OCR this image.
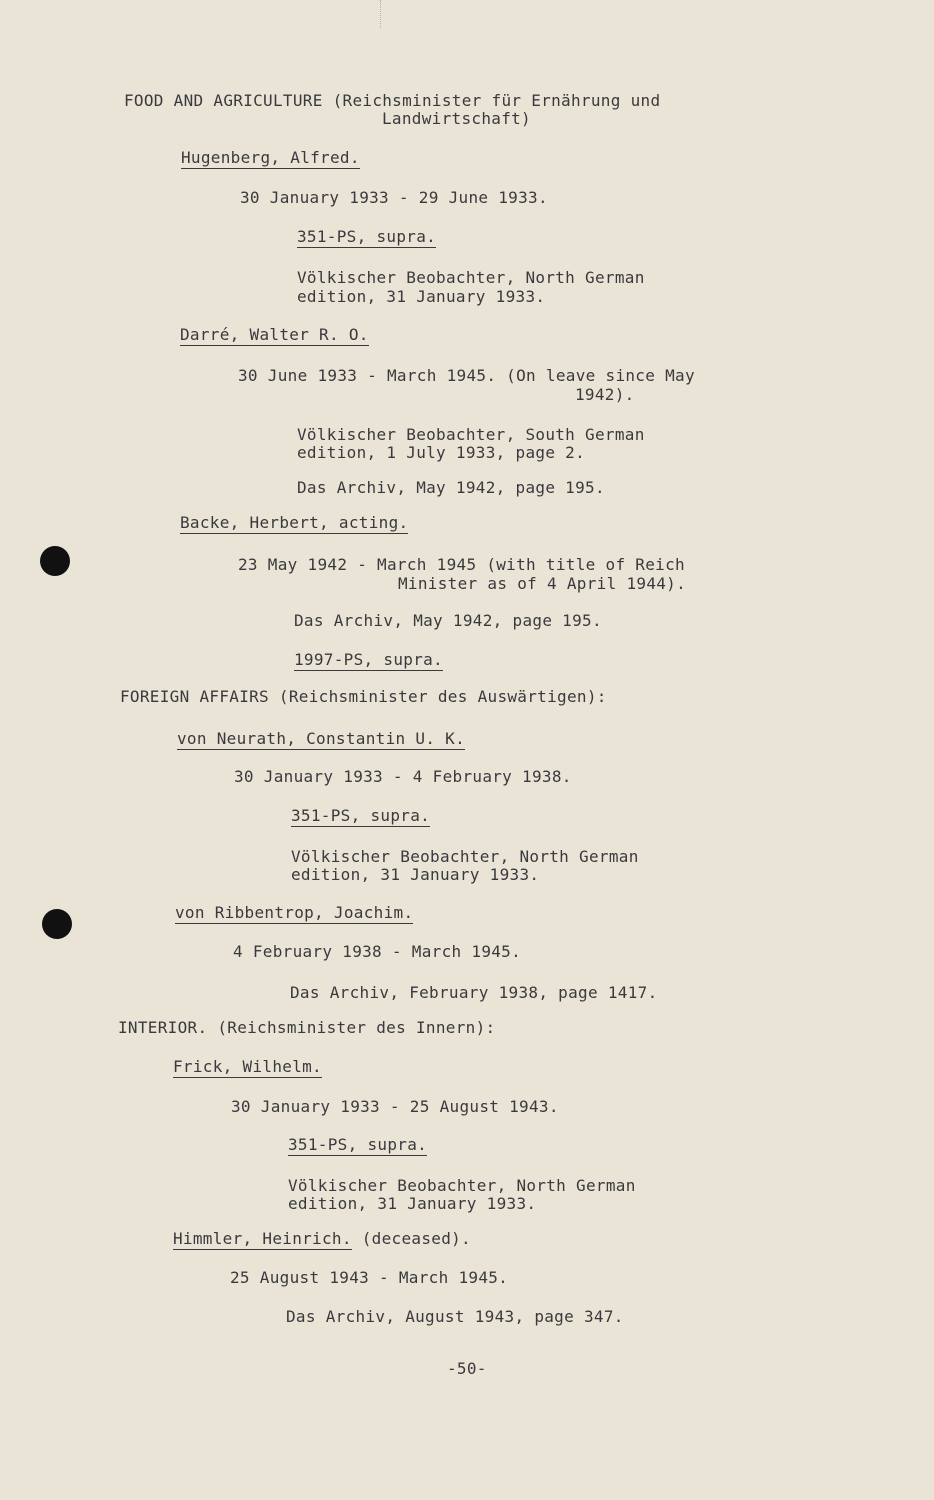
FOOD AND AGRICULTURE (Reichsminister für Ernährung und
Landwirtschaft)
Hugenberg, Alfred.
30 January 1933 - 29 June 1933.
351-PS, supra.
Völkischer Beobachter, North German
edition, 31 January 1933.
Darré, Walter R. O.
30 June 1933 - March 1945. (On leave since May
1942).
Völkischer Beobachter, South German
edition, 1 July 1933, page 2.
Das Archiv, May 1942, page 195.
Backe, Herbert, acting.
23 May 1942 - March 1945 (with title of Reich
Minister as of 4 April 1944).
Das Archiv, May 1942, page 195.
1997-PS, supra.
FOREIGN AFFAIRS (Reichsminister des Auswärtigen):
von Neurath, Constantin U. K.
30 January 1933 - 4 February 1938.
351-PS, supra.
Völkischer Beobachter, North German
edition, 31 January 1933.
von Ribbentrop, Joachim.
4 February 1938 - March 1945.
Das Archiv, February 1938, page 1417.
INTERIOR. (Reichsminister des Innern):
Frick, Wilhelm.
30 January 1933 - 25 August 1943.
351-PS, supra.
Völkischer Beobachter, North German
edition, 31 January 1933.
Himmler, Heinrich. (deceased).
25 August 1943 - March 1945.
Das Archiv, August 1943, page 347.
-50-
